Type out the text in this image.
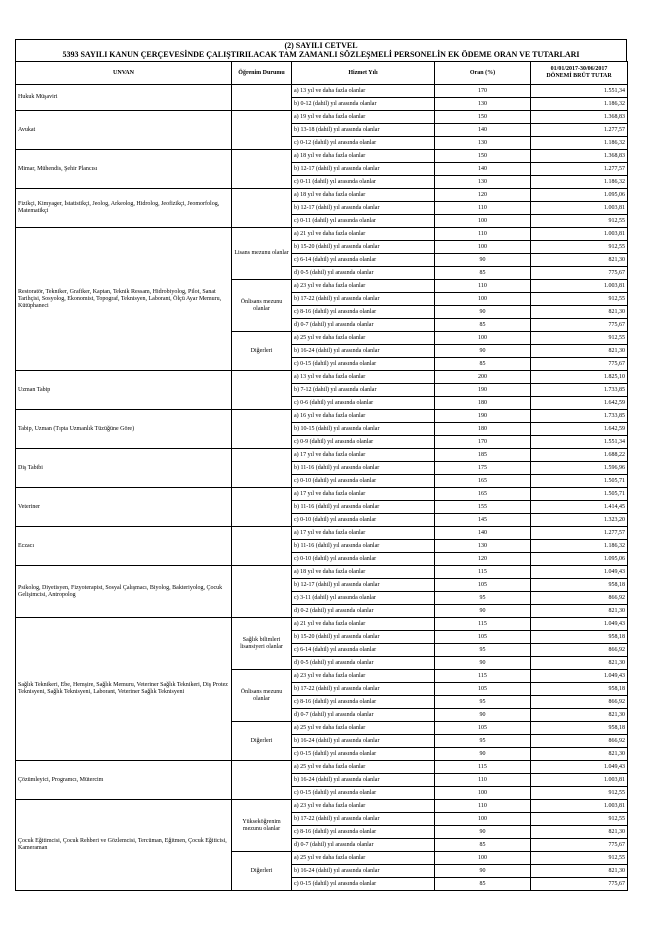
(2) SAYILI CETVEL
5393 SAYILI KANUN ÇERÇEVESİNDE ÇALIŞTIRILACAK TAM ZAMANLI SÖZLEŞMELİ PERSONELİN EK ÖDEME ORAN VE TUTARLARI
UNVAN	Öğrenim Durumu	Hizmet Yılı	Oran (%)	01/01/2017-30/06/2017
DÖNEMİ BRÜT TUTAR

Hukuk Müşaviri		a) 13 yıl ve daha fazla olanlar	170	1.551,34
		b) 0-12 (dahil) yıl arasında olanlar	130	1.186,32
Avukat		a) 19 yıl ve daha fazla olanlar	150	1.368,83
		b) 13-18 (dahil) yıl arasında olanlar	140	1.277,57
		c) 0-12 (dahil) yıl arasında olanlar	130	1.186,32
Mimar, Mühendis, Şehir Plancısı		a) 18 yıl ve daha fazla olanlar	150	1.368,83
		b) 12-17 (dahil) yıl arasında olanlar	140	1.277,57
		c) 0-11 (dahil) yıl arasında olanlar	130	1.186,32
Fizikçi, Kimyager, İstatistikçi, Jeolog, Arkeolog, Hidrolog, Jeofizikçi, Jeomorfolog, Matematikçi		a) 18 yıl ve daha fazla olanlar	120	1.095,06
		b) 12-17 (dahil) yıl arasında olanlar	110	1.003,81
		c) 0-11 (dahil) yıl arasında olanlar	100	912,55
Restoratör, Tekniker, Grafiker, Kaptan, Teknik Ressam, Hidrobiyolog, Pilot, Sanat Tarihçisi, Sosyolog, Ekonomist, Topograf, Teknisyen, Laborant, Ölçü Ayar Memuru, Kütüphaneci	Lisans mezunu olanlar	a) 21 yıl ve daha fazla olanlar	110	1.003,81
		b) 15-20 (dahil) yıl arasında olanlar	100	912,55
		c) 6-14 (dahil) yıl arasında olanlar	90	821,30
		d) 0-5 (dahil) yıl arasında olanlar	85	775,67
	Önlisans mezunu olanlar	a) 23 yıl ve daha fazla olanlar	110	1.003,81
		b) 17-22 (dahil) yıl arasında olanlar	100	912,55
		c) 8-16 (dahil) yıl arasında olanlar	90	821,30
		d) 0-7 (dahil) yıl arasında olanlar	85	775,67
	Diğerleri	a) 25 yıl ve daha fazla olanlar	100	912,55
		b) 16-24 (dahil) yıl arasında olanlar	90	821,30
		c) 0-15 (dahil) yıl arasında olanlar	85	775,67
Uzman Tabip		a) 13 yıl ve daha fazla olanlar	200	1.825,10
		b) 7-12 (dahil) yıl arasında olanlar	190	1.733,85
		c) 0-6 (dahil) yıl arasında olanlar	180	1.642,59
Tabip, Uzman (Tıpta Uzmanlık Tüzüğüne Göre)		a) 16 yıl ve daha fazla olanlar	190	1.733,85
		b) 10-15 (dahil) yıl arasında olanlar	180	1.642,59
		c) 0-9 (dahil) yıl arasında olanlar	170	1.551,34
Diş Tabibi		a) 17 yıl ve daha fazla olanlar	185	1.688,22
		b) 11-16 (dahil) yıl arasında olanlar	175	1.596,96
		c) 0-10 (dahil) yıl arasında olanlar	165	1.505,71
Veteriner		a) 17 yıl ve daha fazla olanlar	165	1.505,71
		b) 11-16 (dahil) yıl arasında olanlar	155	1.414,45
		c) 0-10 (dahil) yıl arasında olanlar	145	1.323,20
Eczacı		a) 17 yıl ve daha fazla olanlar	140	1.277,57
		b) 11-16 (dahil) yıl arasında olanlar	130	1.186,32
		c) 0-10 (dahil) yıl arasında olanlar	120	1.095,06
Psikolog, Diyetisyen, Fizyoterapist, Sosyal Çalışmacı, Biyolog, Bakteriyolog, Çocuk Gelişimcisi, Antropolog		a) 18 yıl ve daha fazla olanlar	115	1.049,43
		b) 12-17 (dahil) yıl arasında olanlar	105	958,18
		c) 3-11 (dahil) yıl arasında olanlar	95	866,92
		d) 0-2 (dahil) yıl arasında olanlar	90	821,30
Sağlık Teknikeri, Ebe, Hemşire, Sağlık Memuru, Veteriner Sağlık Teknikeri, Diş Protez Teknisyeni, Sağlık Teknisyeni, Laborant, Veteriner Sağlık Teknisyeni	Sağlık bilimleri lisansiyeri olanlar	a) 21 yıl ve daha fazla olanlar	115	1.049,43
		b) 15-20 (dahil) yıl arasında olanlar	105	958,18
		c) 6-14 (dahil) yıl arasında olanlar	95	866,92
		d) 0-5 (dahil) yıl arasında olanlar	90	821,30
	Önlisans mezunu olanlar	a) 23 yıl ve daha fazla olanlar	115	1.049,43
		b) 17-22 (dahil) yıl arasında olanlar	105	958,18
		c) 8-16 (dahil) yıl arasında olanlar	95	866,92
		d) 0-7 (dahil) yıl arasında olanlar	90	821,30
	Diğerleri	a) 25 yıl ve daha fazla olanlar	105	958,18
		b) 16-24 (dahil) yıl arasında olanlar	95	866,92
		c) 0-15 (dahil) yıl arasında olanlar	90	821,30
Çözümleyici, Programcı, Mütercim		a) 25 yıl ve daha fazla olanlar	115	1.049,43
		b) 16-24 (dahil) yıl arasında olanlar	110	1.003,81
		c) 0-15 (dahil) yıl arasında olanlar	100	912,55
Çocuk Eğitimcisi, Çocuk Rehberi ve Gözlemcisi, Tercüman, Eğitmen, Çocuk Eğiticisi, Kameraman	Yükseköğrenim mezunu olanlar	a) 23 yıl ve daha fazla olanlar	110	1.003,81
		b) 17-22 (dahil) yıl arasında olanlar	100	912,55
		c) 8-16 (dahil) yıl arasında olanlar	90	821,30
		d) 0-7 (dahil) yıl arasında olanlar	85	775,67
	Diğerleri	a) 25 yıl ve daha fazla olanlar	100	912,55
		b) 16-24 (dahil) yıl arasında olanlar	90	821,30
		c) 0-15 (dahil) yıl arasında olanlar	85	775,67
